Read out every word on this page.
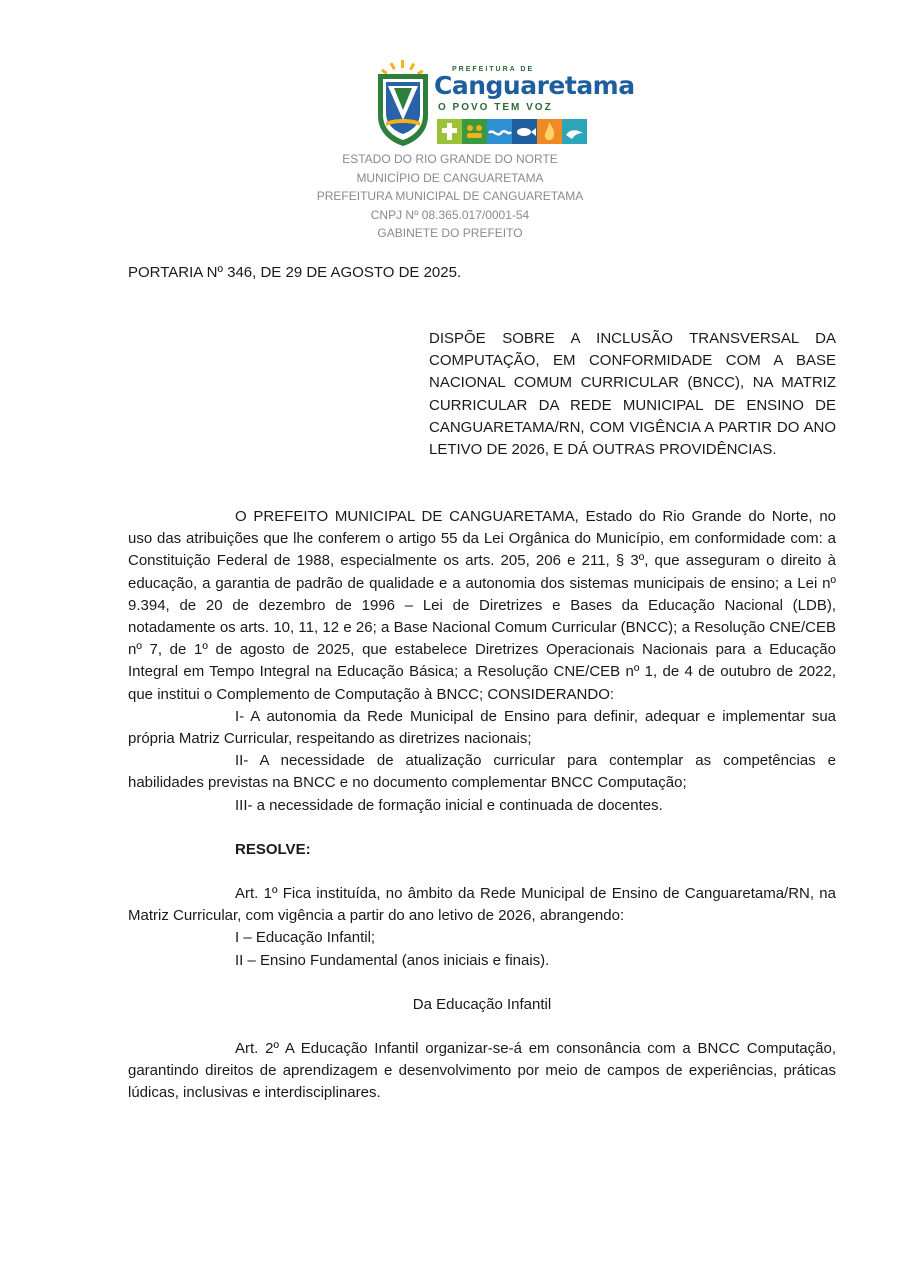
PREFEITURA DE
Canguaretama
O POVO TEM VOZ
ESTADO DO RIO GRANDE DO NORTE
MUNICÍPIO DE CANGUARETAMA
PREFEITURA MUNICIPAL DE CANGUARETAMA
CNPJ Nº 08.365.017/0001-54
GABINETE DO PREFEITO
PORTARIA Nº 346, DE 29 DE AGOSTO DE 2025.
DISPÕE SOBRE A INCLUSÃO TRANSVERSAL DA COMPUTAÇÃO, EM CONFORMIDADE COM A BASE NACIONAL COMUM CURRICULAR (BNCC), NA MATRIZ CURRICULAR DA REDE MUNICIPAL DE ENSINO DE CANGUARETAMA/RN, COM VIGÊNCIA A PARTIR DO ANO LETIVO DE 2026, E DÁ OUTRAS PROVIDÊNCIAS.

O PREFEITO MUNICIPAL DE CANGUARETAMA, Estado do Rio Grande do Norte, no uso das atribuições que lhe conferem o artigo 55 da Lei Orgânica do Município, em conformidade com: a Constituição Federal de 1988, especialmente os arts. 205, 206 e 211, § 3º, que asseguram o direito à educação, a garantia de padrão de qualidade e a autonomia dos sistemas municipais de ensino; a Lei nº 9.394, de 20 de dezembro de 1996 – Lei de Diretrizes e Bases da Educação Nacional (LDB), notadamente os arts. 10, 11, 12 e 26; a Base Nacional Comum Curricular (BNCC); a Resolução CNE/CEB nº 7, de 1º de agosto de 2025, que estabelece Diretrizes Operacionais Nacionais para a Educação Integral em Tempo Integral na Educação Básica; a Resolução CNE/CEB nº 1, de 4 de outubro de 2022, que institui o Complemento de Computação à BNCC; CONSIDERANDO:

I- A autonomia da Rede Municipal de Ensino para definir, adequar e implementar sua própria Matriz Curricular, respeitando as diretrizes nacionais;

II- A necessidade de atualização curricular para contemplar as competências e habilidades previstas na BNCC e no documento complementar BNCC Computação;

III- a necessidade de formação inicial e continuada de docentes.

RESOLVE:

Art. 1º Fica instituída, no âmbito da Rede Municipal de Ensino de Canguaretama/RN, na Matriz Curricular, com vigência a partir do ano letivo de 2026, abrangendo:

I – Educação Infantil;

II – Ensino Fundamental (anos iniciais e finais).

Da Educação Infantil

Art. 2º A Educação Infantil organizar-se-á em consonância com a BNCC Computação, garantindo direitos de aprendizagem e desenvolvimento por meio de campos de experiências, práticas lúdicas, inclusivas e interdisciplinares.
